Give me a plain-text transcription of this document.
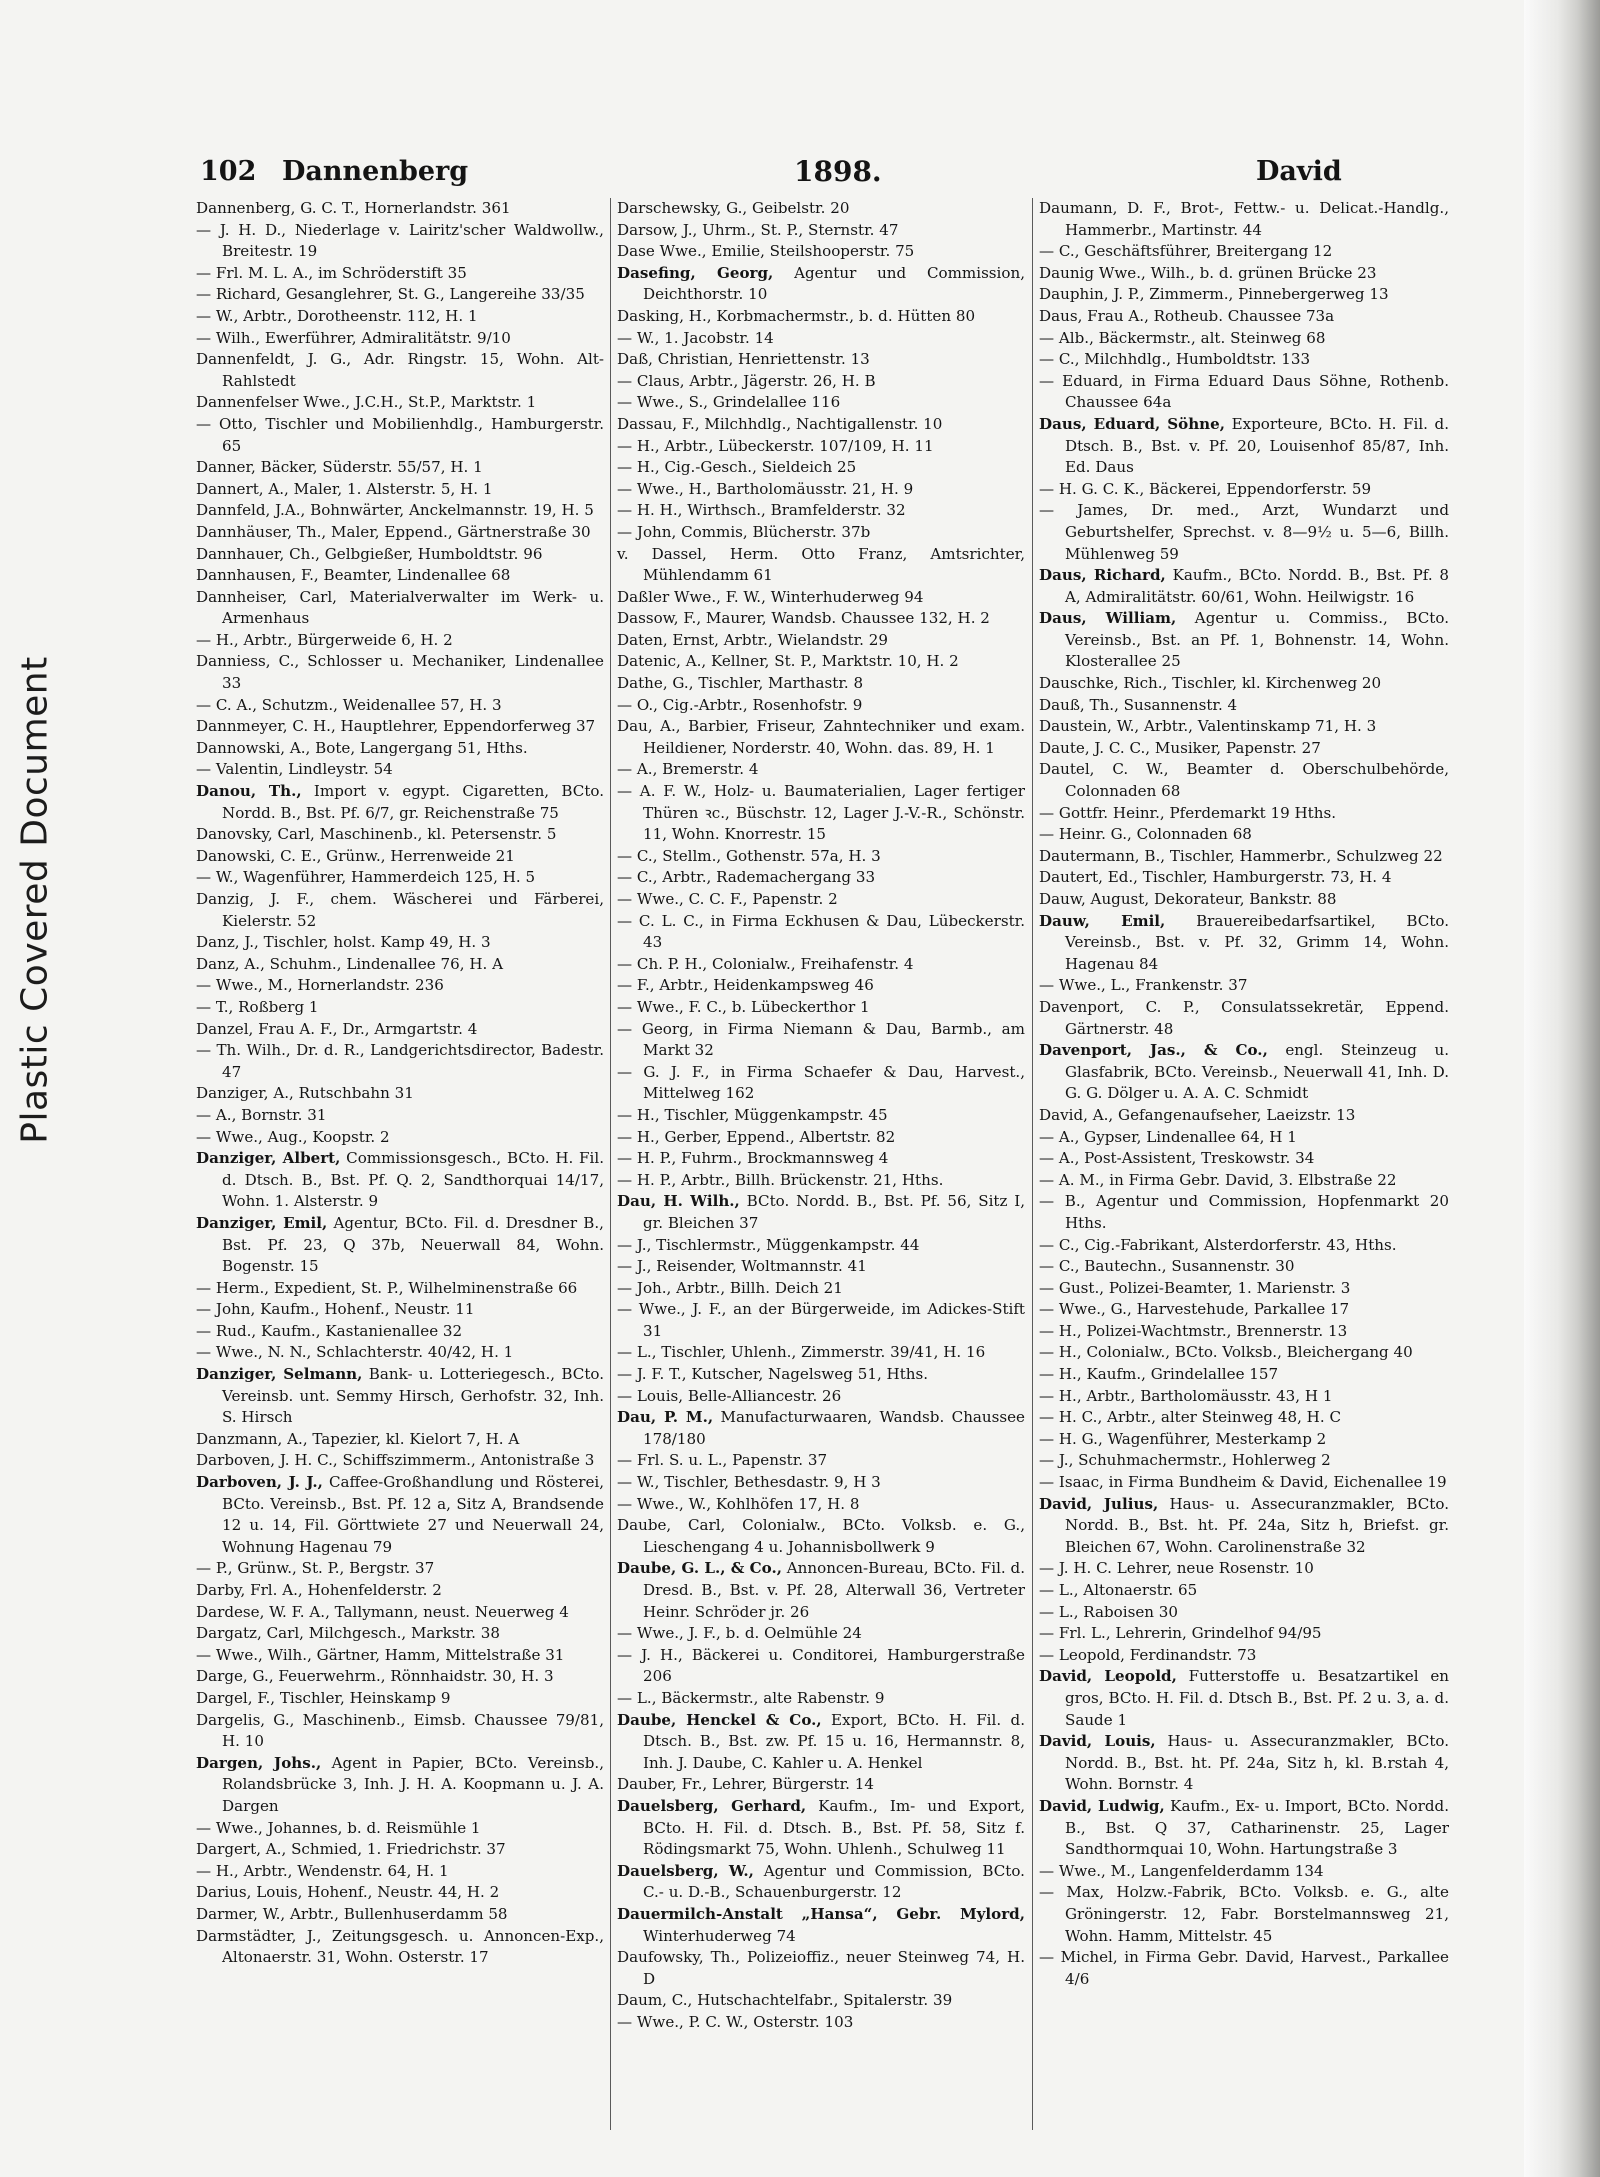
Plastic Covered Document
102 Dannenberg	1898.	David

Dannenberg, G. C. T., Hornerlandstr. 361

— J. H. D., Niederlage v. Lairitz'scher Waldwollw., Breitestr. 19

— Frl. M. L. A., im Schröderstift 35

— Richard, Gesanglehrer, St. G., Langereihe 33/35

— W., Arbtr., Dorotheenstr. 112, H. 1

— Wilh., Ewerführer, Admiralitätstr. 9/10

Dannenfeldt, J. G., Adr. Ringstr. 15, Wohn. Alt-Rahlstedt

Dannenfelser Wwe., J.C.H., St.P., Marktstr. 1

— Otto, Tischler und Mobilienhdlg., Hamburgerstr. 65

Danner, Bäcker, Süderstr. 55/57, H. 1

Dannert, A., Maler, 1. Alsterstr. 5, H. 1

Dannfeld, J.A., Bohnwärter, Anckelmannstr. 19, H. 5

Dannhäuser, Th., Maler, Eppend., Gärtnerstraße 30

Dannhauer, Ch., Gelbgießer, Humboldtstr. 96

Dannhausen, F., Beamter, Lindenallee 68

Dannheiser, Carl, Materialverwalter im Werk- u. Armenhaus

— H., Arbtr., Bürgerweide 6, H. 2

Danniess, C., Schlosser u. Mechaniker, Lindenallee 33

— C. A., Schutzm., Weidenallee 57, H. 3

Dannmeyer, C. H., Hauptlehrer, Eppendorferweg 37

Dannowski, A., Bote, Langergang 51, Hths.

— Valentin, Lindleystr. 54

Danou, Th., Import v. egypt. Cigaretten, BCto. Nordd. B., Bst. Pf. 6/7, gr. Reichenstraße 75

Danovsky, Carl, Maschinenb., kl. Petersenstr. 5

Danowski, C. E., Grünw., Herrenweide 21

— W., Wagenführer, Hammerdeich 125, H. 5

Danzig, J. F., chem. Wäscherei und Färberei, Kielerstr. 52

Danz, J., Tischler, holst. Kamp 49, H. 3

Danz, A., Schuhm., Lindenallee 76, H. A

— Wwe., M., Hornerlandstr. 236

— T., Roßberg 1

Danzel, Frau A. F., Dr., Armgartstr. 4

— Th. Wilh., Dr. d. R., Landgerichtsdirector, Badestr. 47

Danziger, A., Rutschbahn 31

— A., Bornstr. 31

— Wwe., Aug., Koopstr. 2

Danziger, Albert, Commissionsgesch., BCto. H. Fil. d. Dtsch. B., Bst. Pf. Q. 2, Sandthorquai 14/17, Wohn. 1. Alsterstr. 9

Danziger, Emil, Agentur, BCto. Fil. d. Dresdner B., Bst. Pf. 23, Q 37b, Neuerwall 84, Wohn. Bogenstr. 15

— Herm., Expedient, St. P., Wilhelminenstraße 66

— John, Kaufm., Hohenf., Neustr. 11

— Rud., Kaufm., Kastanienallee 32

— Wwe., N. N., Schlachterstr. 40/42, H. 1

Danziger, Selmann, Bank- u. Lotteriegesch., BCto. Vereinsb. unt. Semmy Hirsch, Gerhofstr. 32, Inh. S. Hirsch

Danzmann, A., Tapezier, kl. Kielort 7, H. A

Darboven, J. H. C., Schiffszimmerm., Antonistraße 3

Darboven, J. J., Caffee-Großhandlung und Rösterei, BCto. Vereinsb., Bst. Pf. 12 a, Sitz A, Brandsende 12 u. 14, Fil. Görttwiete 27 und Neuerwall 24, Wohnung Hagenau 79

— P., Grünw., St. P., Bergstr. 37

Darby, Frl. A., Hohenfelderstr. 2

Dardese, W. F. A., Tallymann, neust. Neuerweg 4

Dargatz, Carl, Milchgesch., Markstr. 38

— Wwe., Wilh., Gärtner, Hamm, Mittelstraße 31

Darge, G., Feuerwehrm., Rönnhaidstr. 30, H. 3

Dargel, F., Tischler, Heinskamp 9

Dargelis, G., Maschinenb., Eimsb. Chaussee 79/81, H. 10

Dargen, Johs., Agent in Papier, BCto. Vereinsb., Rolandsbrücke 3, Inh. J. H. A. Koopmann u. J. A. Dargen

— Wwe., Johannes, b. d. Reismühle 1

Dargert, A., Schmied, 1. Friedrichstr. 37

— H., Arbtr., Wendenstr. 64, H. 1

Darius, Louis, Hohenf., Neustr. 44, H. 2

Darmer, W., Arbtr., Bullenhuserdamm 58

Darmstädter, J., Zeitungsgesch. u. Annoncen-Exp., Altonaerstr. 31, Wohn. Osterstr. 17

Darschewsky, G., Geibelstr. 20

Darsow, J., Uhrm., St. P., Sternstr. 47

Dase Wwe., Emilie, Steilshooperstr. 75

Dasefing, Georg, Agentur und Commission, Deichthorstr. 10

Dasking, H., Korbmachermstr., b. d. Hütten 80

— W., 1. Jacobstr. 14

Daß, Christian, Henriettenstr. 13

— Claus, Arbtr., Jägerstr. 26, H. B

— Wwe., S., Grindelallee 116

Dassau, F., Milchhdlg., Nachtigallenstr. 10

— H., Arbtr., Lübeckerstr. 107/109, H. 11

— H., Cig.-Gesch., Sieldeich 25

— Wwe., H., Bartholomäusstr. 21, H. 9

— H. H., Wirthsch., Bramfelderstr. 32

— John, Commis, Blücherstr. 37b

v. Dassel, Herm. Otto Franz, Amtsrichter, Mühlendamm 61

Daßler Wwe., F. W., Winterhuderweg 94

Dassow, F., Maurer, Wandsb. Chaussee 132, H. 2

Daten, Ernst, Arbtr., Wielandstr. 29

Datenic, A., Kellner, St. P., Marktstr. 10, H. 2

Dathe, G., Tischler, Marthastr. 8

— O., Cig.-Arbtr., Rosenhofstr. 9

Dau, A., Barbier, Friseur, Zahntechniker und exam. Heildiener, Norderstr. 40, Wohn. das. 89, H. 1

— A., Bremerstr. 4

— A. F. W., Holz- u. Baumaterialien, Lager fertiger Thüren ꝛc., Büschstr. 12, Lager J.-V.-R., Schönstr. 11, Wohn. Knorrestr. 15

— C., Stellm., Gothenstr. 57a, H. 3

— C., Arbtr., Rademachergang 33

— Wwe., C. C. F., Papenstr. 2

— C. L. C., in Firma Eckhusen & Dau, Lübeckerstr. 43

— Ch. P. H., Colonialw., Freihafenstr. 4

— F., Arbtr., Heidenkampsweg 46

— Wwe., F. C., b. Lübeckerthor 1

— Georg, in Firma Niemann & Dau, Barmb., am Markt 32

— G. J. F., in Firma Schaefer & Dau, Harvest., Mittelweg 162

— H., Tischler, Müggenkampstr. 45

— H., Gerber, Eppend., Albertstr. 82

— H. P., Fuhrm., Brockmannsweg 4

— H. P., Arbtr., Billh. Brückenstr. 21, Hths.

Dau, H. Wilh., BCto. Nordd. B., Bst. Pf. 56, Sitz I, gr. Bleichen 37

— J., Tischlermstr., Müggenkampstr. 44

— J., Reisender, Woltmannstr. 41

— Joh., Arbtr., Billh. Deich 21

— Wwe., J. F., an der Bürgerweide, im Adickes-Stift 31

— L., Tischler, Uhlenh., Zimmerstr. 39/41, H. 16

— J. F. T., Kutscher, Nagelsweg 51, Hths.

— Louis, Belle-Alliancestr. 26

Dau, P. M., Manufacturwaaren, Wandsb. Chaussee 178/180

— Frl. S. u. L., Papenstr. 37

— W., Tischler, Bethesdastr. 9, H 3

— Wwe., W., Kohlhöfen 17, H. 8

Daube, Carl, Colonialw., BCto. Volksb. e. G., Lieschengang 4 u. Johannisbollwerk 9

Daube, G. L., & Co., Annoncen-Bureau, BCto. Fil. d. Dresd. B., Bst. v. Pf. 28, Alterwall 36, Vertreter Heinr. Schröder jr. 26

— Wwe., J. F., b. d. Oelmühle 24

— J. H., Bäckerei u. Conditorei, Hamburgerstraße 206

— L., Bäckermstr., alte Rabenstr. 9

Daube, Henckel & Co., Export, BCto. H. Fil. d. Dtsch. B., Bst. zw. Pf. 15 u. 16, Hermannstr. 8, Inh. J. Daube, C. Kahler u. A. Henkel

Dauber, Fr., Lehrer, Bürgerstr. 14

Dauelsberg, Gerhard, Kaufm., Im- und Export, BCto. H. Fil. d. Dtsch. B., Bst. Pf. 58, Sitz f. Rödingsmarkt 75, Wohn. Uhlenh., Schulweg 11

Dauelsberg, W., Agentur und Commission, BCto. C.- u. D.-B., Schauenburgerstr. 12

Dauermilch-Anstalt „Hansa“, Gebr. Mylord, Winterhuderweg 74

Daufowsky, Th., Polizeioffiz., neuer Steinweg 74, H. D

Daum, C., Hutschachtelfabr., Spitalerstr. 39

— Wwe., P. C. W., Osterstr. 103

Daumann, D. F., Brot-, Fettw.- u. Delicat.-Handlg., Hammerbr., Martinstr. 44

— C., Geschäftsführer, Breitergang 12

Daunig Wwe., Wilh., b. d. grünen Brücke 23

Dauphin, J. P., Zimmerm., Pinnebergerweg 13

Daus, Frau A., Rotheub. Chaussee 73a

— Alb., Bäckermstr., alt. Steinweg 68

— C., Milchhdlg., Humboldtstr. 133

— Eduard, in Firma Eduard Daus Söhne, Rothenb. Chaussee 64a

Daus, Eduard, Söhne, Exporteure, BCto. H. Fil. d. Dtsch. B., Bst. v. Pf. 20, Louisenhof 85/87, Inh. Ed. Daus

— H. G. C. K., Bäckerei, Eppendorferstr. 59

— James, Dr. med., Arzt, Wundarzt und Geburtshelfer, Sprechst. v. 8—9½ u. 5—6, Billh. Mühlenweg 59

Daus, Richard, Kaufm., BCto. Nordd. B., Bst. Pf. 8 A, Admiralitätstr. 60/61, Wohn. Heilwigstr. 16

Daus, William, Agentur u. Commiss., BCto. Vereinsb., Bst. an Pf. 1, Bohnenstr. 14, Wohn. Klosterallee 25

Dauschke, Rich., Tischler, kl. Kirchenweg 20

Dauß, Th., Susannenstr. 4

Daustein, W., Arbtr., Valentinskamp 71, H. 3

Daute, J. C. C., Musiker, Papenstr. 27

Dautel, C. W., Beamter d. Oberschulbehörde, Colonnaden 68

— Gottfr. Heinr., Pferdemarkt 19 Hths.

— Heinr. G., Colonnaden 68

Dautermann, B., Tischler, Hammerbr., Schulzweg 22

Dautert, Ed., Tischler, Hamburgerstr. 73, H. 4

Dauw, August, Dekorateur, Bankstr. 88

Dauw, Emil, Brauereibedarfsartikel, BCto. Vereinsb., Bst. v. Pf. 32, Grimm 14, Wohn. Hagenau 84

— Wwe., L., Frankenstr. 37

Davenport, C. P., Consulatssekretär, Eppend. Gärtnerstr. 48

Davenport, Jas., & Co., engl. Steinzeug u. Glasfabrik, BCto. Vereinsb., Neuerwall 41, Inh. D. G. G. Dölger u. A. A. C. Schmidt

David, A., Gefangenaufseher, Laeizstr. 13

— A., Gypser, Lindenallee 64, H 1

— A., Post-Assistent, Treskowstr. 34

— A. M., in Firma Gebr. David, 3. Elbstraße 22

— B., Agentur und Commission, Hopfenmarkt 20 Hths.

— C., Cig.-Fabrikant, Alsterdorferstr. 43, Hths.

— C., Bautechn., Susannenstr. 30

— Gust., Polizei-Beamter, 1. Marienstr. 3

— Wwe., G., Harvestehude, Parkallee 17

— H., Polizei-Wachtmstr., Brennerstr. 13

— H., Colonialw., BCto. Volksb., Bleichergang 40

— H., Kaufm., Grindelallee 157

— H., Arbtr., Bartholomäusstr. 43, H 1

— H. C., Arbtr., alter Steinweg 48, H. C

— H. G., Wagenführer, Mesterkamp 2

— J., Schuhmachermstr., Hohlerweg 2

— Isaac, in Firma Bundheim & David, Eichenallee 19

David, Julius, Haus- u. Assecuranzmakler, BCto. Nordd. B., Bst. ht. Pf. 24a, Sitz h, Briefst. gr. Bleichen 67, Wohn. Carolinenstraße 32

— J. H. C. Lehrer, neue Rosenstr. 10

— L., Altonaerstr. 65

— L., Raboisen 30

— Frl. L., Lehrerin, Grindelhof 94/95

— Leopold, Ferdinandstr. 73

David, Leopold, Futterstoffe u. Besatzartikel en gros, BCto. H. Fil. d. Dtsch B., Bst. Pf. 2 u. 3, a. d. Saude 1

David, Louis, Haus- u. Assecuranzmakler, BCto. Nordd. B., Bst. ht. Pf. 24a, Sitz h, kl. B.rstah 4, Wohn. Bornstr. 4

David, Ludwig, Kaufm., Ex- u. Import, BCto. Nordd. B., Bst. Q 37, Catharinenstr. 25, Lager Sandthormquai 10, Wohn. Hartungstraße 3

— Wwe., M., Langenfelderdamm 134

— Max, Holzw.-Fabrik, BCto. Volksb. e. G., alte Gröningerstr. 12, Fabr. Borstelmannsweg 21, Wohn. Hamm, Mittelstr. 45

— Michel, in Firma Gebr. David, Harvest., Parkallee 4/6
